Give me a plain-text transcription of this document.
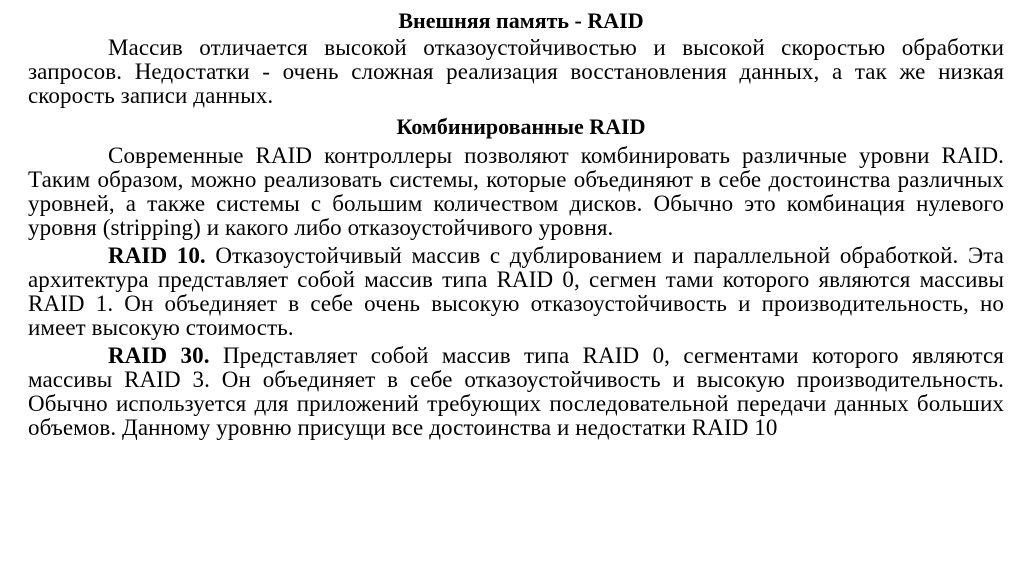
Внешняя память - RAID

Массив отличается высокой отказоустойчивостью и высокой скоростью обработки запросов. Недостатки - очень сложная реализация восстановления данных, а так же низкая скорость записи данных.

Комбинированные RAID

Современные RAID контроллеры позволяют комбинировать различные уровни RAID. Таким образом, можно реализовать системы, которые объединяют в себе достоинства различных уровней, а также системы с большим количеством дисков. Обычно это комбинация нулевого уровня (stripping) и какого либо отказоустойчивого уровня.

RAID 10. Отказоустойчивый массив с дублированием и параллельной обработкой. Эта архитектура представляет собой массив типа RAID 0, сегмен тами которого являются массивы RAID 1. Он объединяет в себе очень высокую отказоустойчивость и производительность, но имеет высокую стоимость.

RAID 30. Представляет собой массив типа RAID 0, сегментами которого являются массивы RAID 3. Он объединяет в себе отказоустойчивость и высокую производительность. Обычно используется для приложений требующих последовательной передачи данных больших объемов. Данному уровню присущи все достоинства и недостатки RAID 10
